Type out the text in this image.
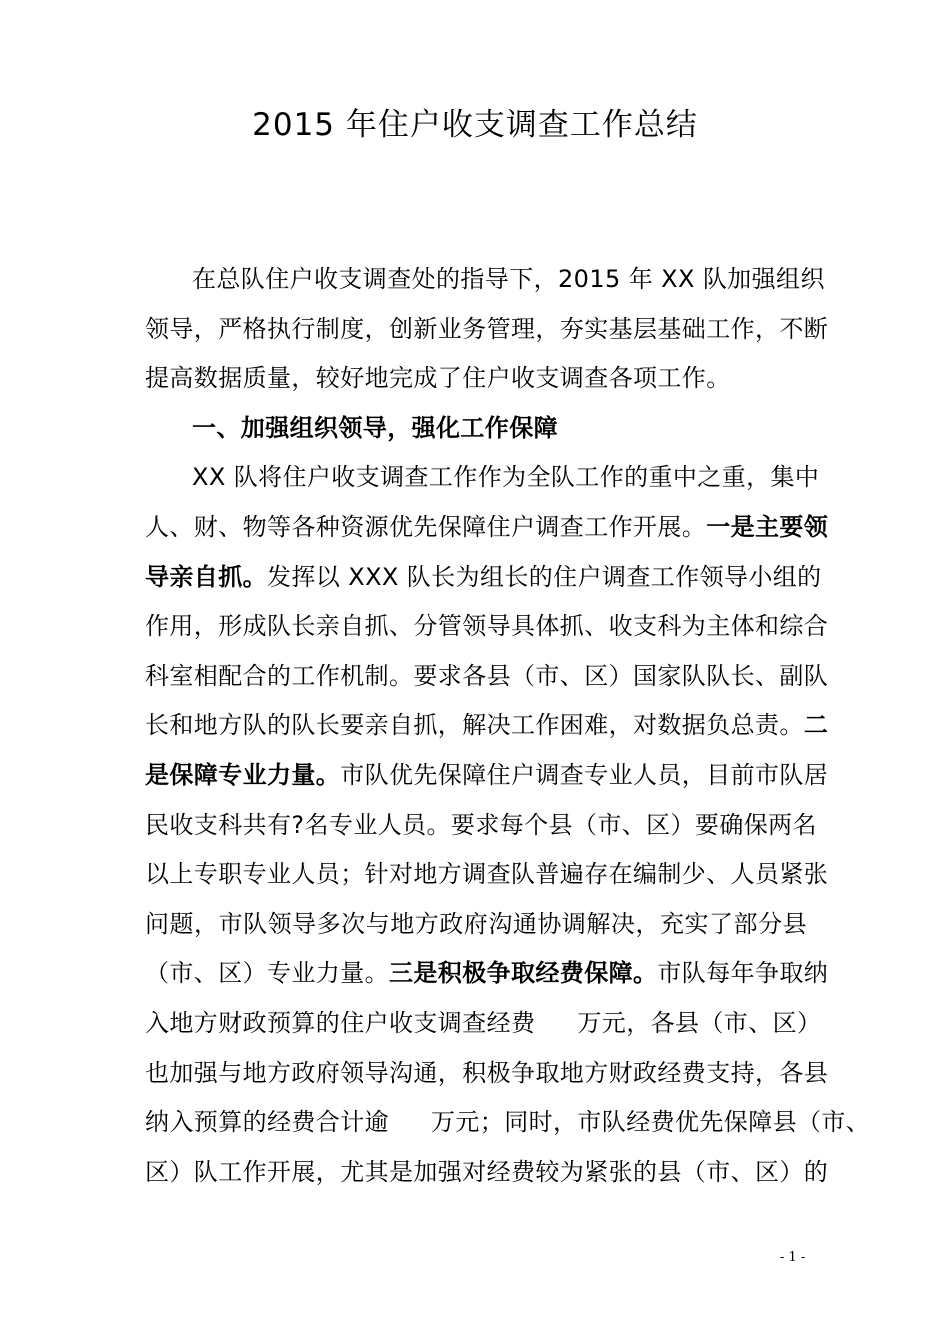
2015 年住户收支调查工作总结
在总队住户收支调查处的指导下，2015 年 XX 队加强组织
领导，严格执行制度，创新业务管理，夯实基层基础工作，不断
提高数据质量，较好地完成了住户收支调查各项工作。
一、加强组织领导，强化工作保障
XX 队将住户收支调查工作作为全队工作的重中之重，集中
人、财、物等各种资源优先保障住户调查工作开展。一是主要领
导亲自抓。发挥以 XXX 队长为组长的住户调查工作领导小组的
作用，形成队长亲自抓、分管领导具体抓、收支科为主体和综合
科室相配合的工作机制。要求各县（市、区）国家队队长、副队
长和地方队的队长要亲自抓，解决工作困难，对数据负总责。二
是保障专业力量。市队优先保障住户调查专业人员，目前市队居
民收支科共有?名专业人员。要求每个县（市、区）要确保两名
以上专职专业人员；针对地方调查队普遍存在编制少、人员紧张
问题，市队领导多次与地方政府沟通协调解决，充实了部分县
（市、区）专业力量。三是积极争取经费保障。市队每年争取纳
入地方财政预算的住户收支调查经费 万元，各县（市、区）
也加强与地方政府领导沟通，积极争取地方财政经费支持，各县
纳入预算的经费合计逾 万元；同时，市队经费优先保障县（市、
区）队工作开展，尤其是加强对经费较为紧张的县（市、区）的
- 1 -
